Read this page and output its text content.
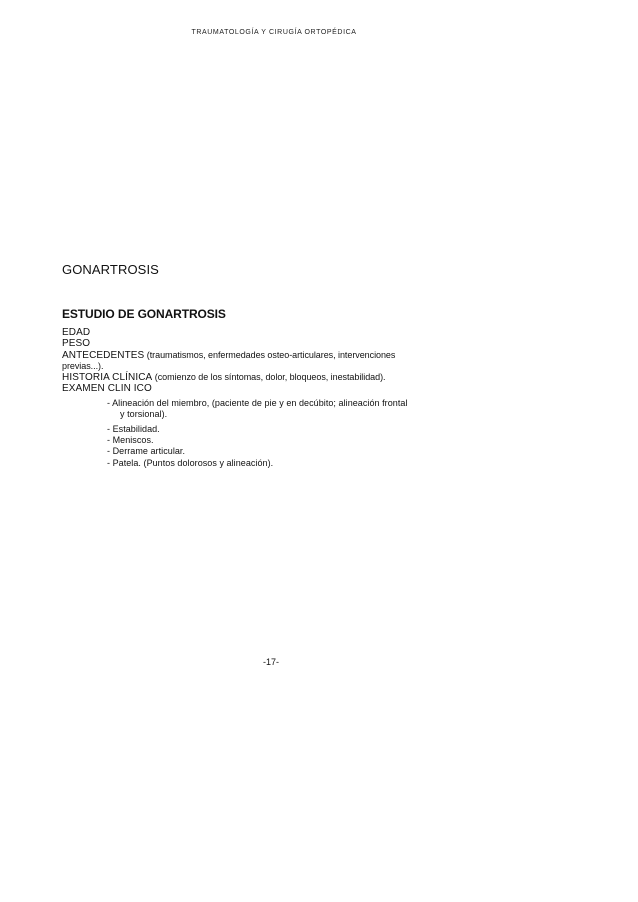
TRAUMATOLOGÍA Y CIRUGÍA ORTOPÉDICA
GONARTROSIS
ESTUDIO DE GONARTROSIS
EDAD
PESO
ANTECEDENTES (traumatismos, enfermedades osteo-articulares, intervenciones
previas...).
HISTORIA CLÍNICA (comienzo de los síntomas, dolor, bloqueos, inestabilidad).
EXAMEN CLIN ICO
- Alineación del miembro, (paciente de pie y en decúbito; alineación frontal
y torsional).
- Estabilidad.
- Meniscos.
- Derrame articular.
- Patela. (Puntos dolorosos y alineación).
-17-
